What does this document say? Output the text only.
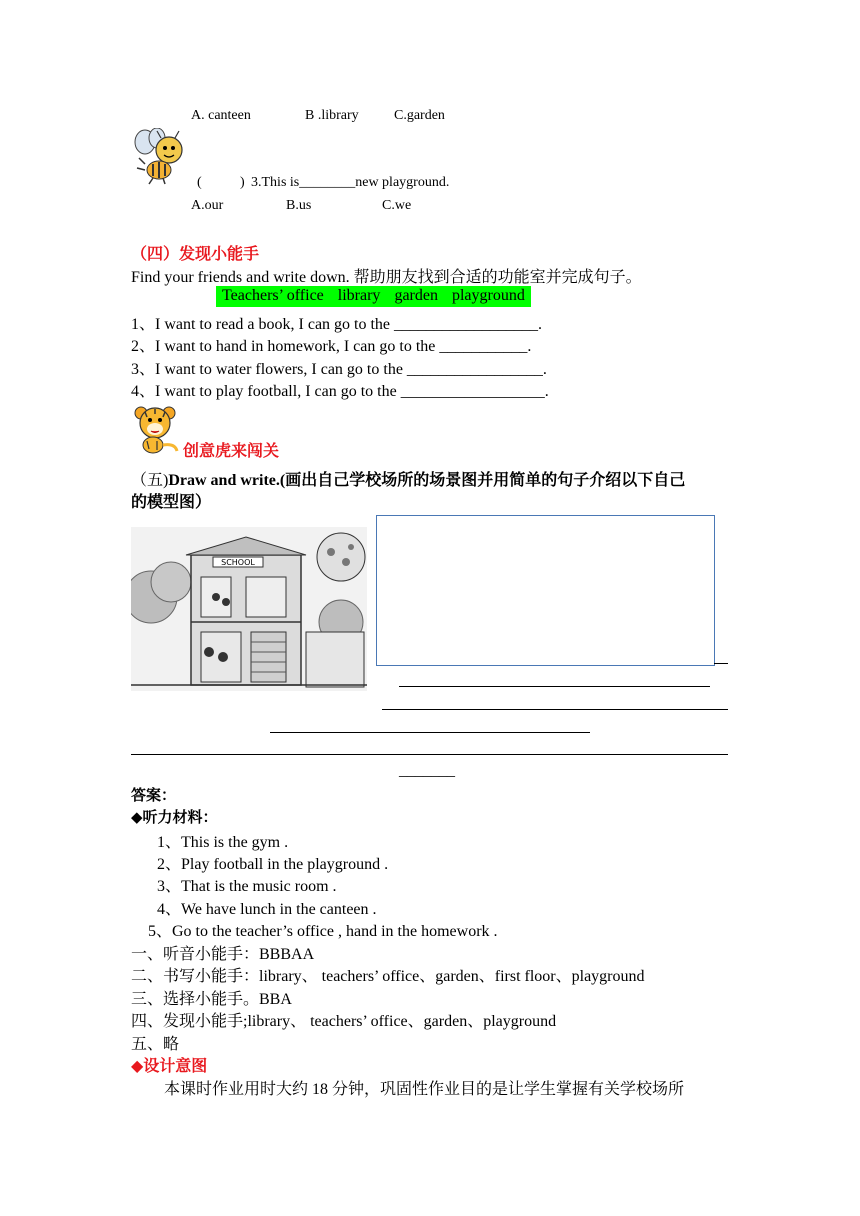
A. canteen	B .library	C.garden
(	) 3.This is________new playground.
A.our	B.us	C.we
（四）发现小能手
Find your friends and write down. 帮助朋友找到合适的功能室并完成句子。
Teachers’ office library garden playground
1、I want to read a book, I can go to the __________________.
2、I want to hand in homework, I can go to the ___________.
3、I want to water flowers, I can go to the _________________.
4、I want to play football, I can go to the __________________.
创意虎来闯关
（五)Draw and write.(画出自己学校场所的场景图并用简单的句子介绍以下自己
的模型图）
SCHOOL
_______
答案：
◆听力材料：
1、This is the gym .
2、Play football in the playground .
3、That is the music room .
4、We have lunch in the canteen .
5、Go to the teacher’s office , hand in the homework .
一、听音小能手：BBBAA
二、书写小能手：library、 teachers’ office、garden、first floor、playground
三、选择小能手。BBA
四、发现小能手;library、 teachers’ office、garden、playground
五、略
◆设计意图
本课时作业用时大约 18 分钟，巩固性作业目的是让学生掌握有关学校场所
